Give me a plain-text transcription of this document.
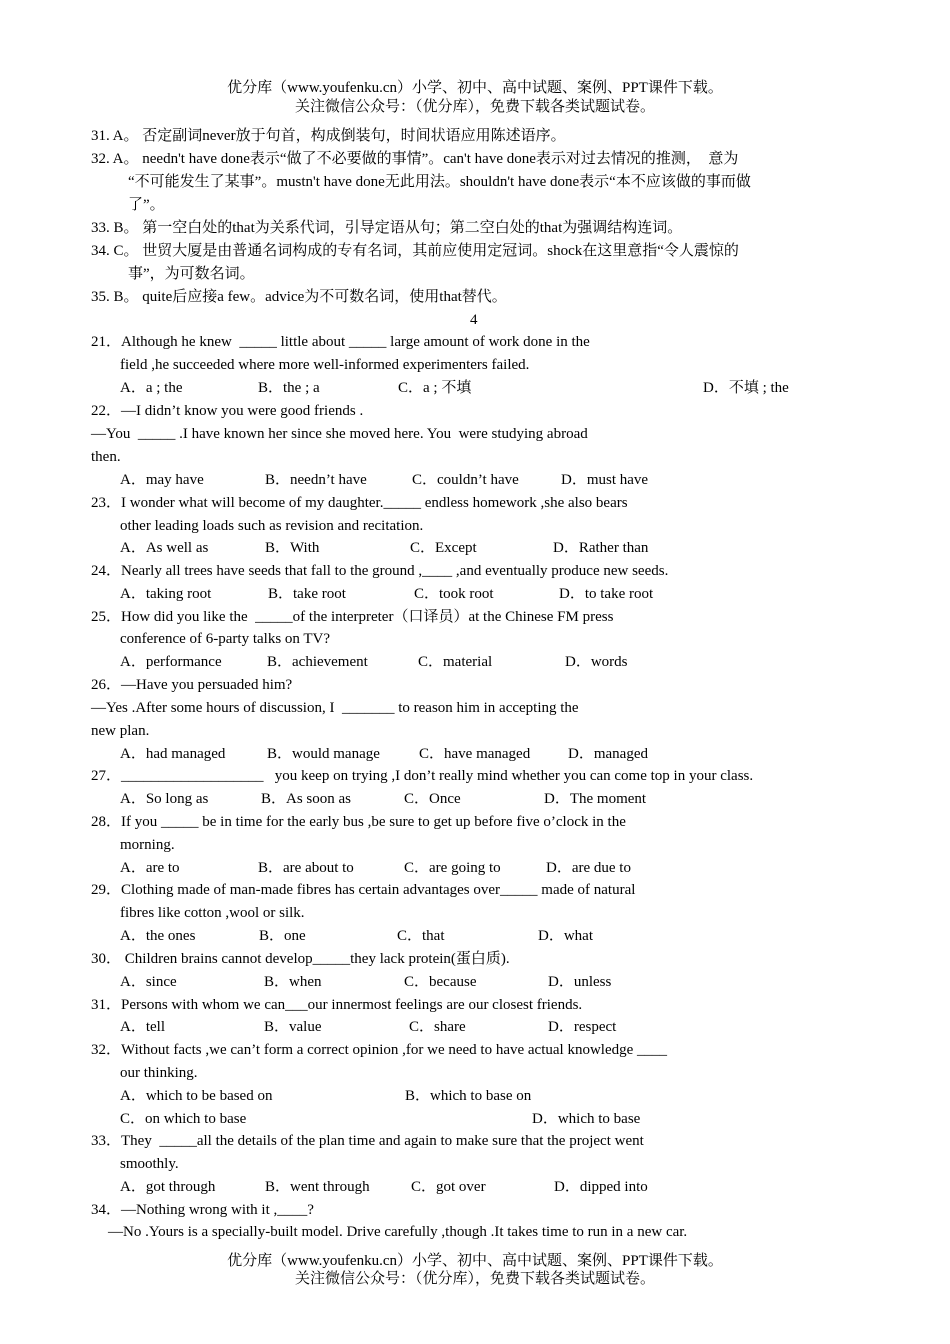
优分库（www.youfenku.cn）小学、初中、高中试题、案例、PPT课件下载。
关注微信公众号：（优分库），免费下载各类试题试卷。
31. A。 否定副词never放于句首，构成倒装句，时间状语应用陈述语序。
32. A。 needn't have done表示“做了不必要做的事情”。can't have done表示对过去情况的推测，  意为
“不可能发生了某事”。mustn't have done无此用法。shouldn't have done表示“本不应该做的事而做
了”。
33. B。 第一空白处的that为关系代词，引导定语从句；第二空白处的that为强调结构连词。
34. C。 世贸大厦是由普通名词构成的专有名词，其前应使用定冠词。shock在这里意指“令人震惊的
事”，为可数名词。
35. B。 quite后应接a few。advice为不可数名词，使用that替代。
4
21．Although he knew  _____ little about _____ large amount of work done in the
field ,he succeeded where more well-informed experimenters failed.
A．a ; the	B．the ; a	C．a ; 不填	D．不填 ; the
22．—I didn’t know you were good friends .
—You  _____ .I have known her since she moved here. You  were studying abroad
then.
A．may have	B．needn’t have	C．couldn’t have	D．must have
23．I wonder what will become of my daughter._____ endless homework ,she also bears
other leading loads such as revision and recitation.
A．As well as	B．With	C．Except	D．Rather than
24．Nearly all trees have seeds that fall to the ground ,____ ,and eventually produce new seeds.
A．taking root	B．take root	C．took root	D．to take root
25．How did you like the  _____of the interpreter（口译员）at the Chinese FM press
conference of 6-party talks on TV?
A．performance	B．achievement	C．material	D．words
26．—Have you persuaded him?
—Yes .After some hours of discussion, I  _______ to reason him in accepting the
new plan.
A．had managed	B．would manage	C．have managed	D．managed
27．___________________   you keep on trying ,I don’t really mind whether you can come top in your class.
A．So long as	B．As soon as	C．Once	D．The moment
28．If you _____ be in time for the early bus ,be sure to get up before five o’clock in the
morning.
A．are to	B．are about to	C．are going to	D．are due to
29．Clothing made of man-made fibres has certain advantages over_____ made of natural
fibres like cotton ,wool or silk.
A．the ones	B．one	C．that	D．what
30． Children brains cannot develop_____they lack protein(蛋白质).
A．since	B．when	C．because	D．unless
31．Persons with whom we can___our innermost feelings are our closest friends.
A．tell	B．value	C．share	D．respect
32．Without facts ,we can’t form a correct opinion ,for we need to have actual knowledge ____
our thinking.
A．which to be based on	B．which to base on
C．on which to base	D．which to base
33．They  _____all the details of the plan time and again to make sure that the project went
smoothly.
A．got through	B．went through	C．got over	D．dipped into
34．—Nothing wrong with it ,____?
—No .Yours is a specially-built model. Drive carefully ,though .It takes time to run in a new car.
优分库（www.youfenku.cn）小学、初中、高中试题、案例、PPT课件下载。
关注微信公众号：（优分库），免费下载各类试题试卷。
